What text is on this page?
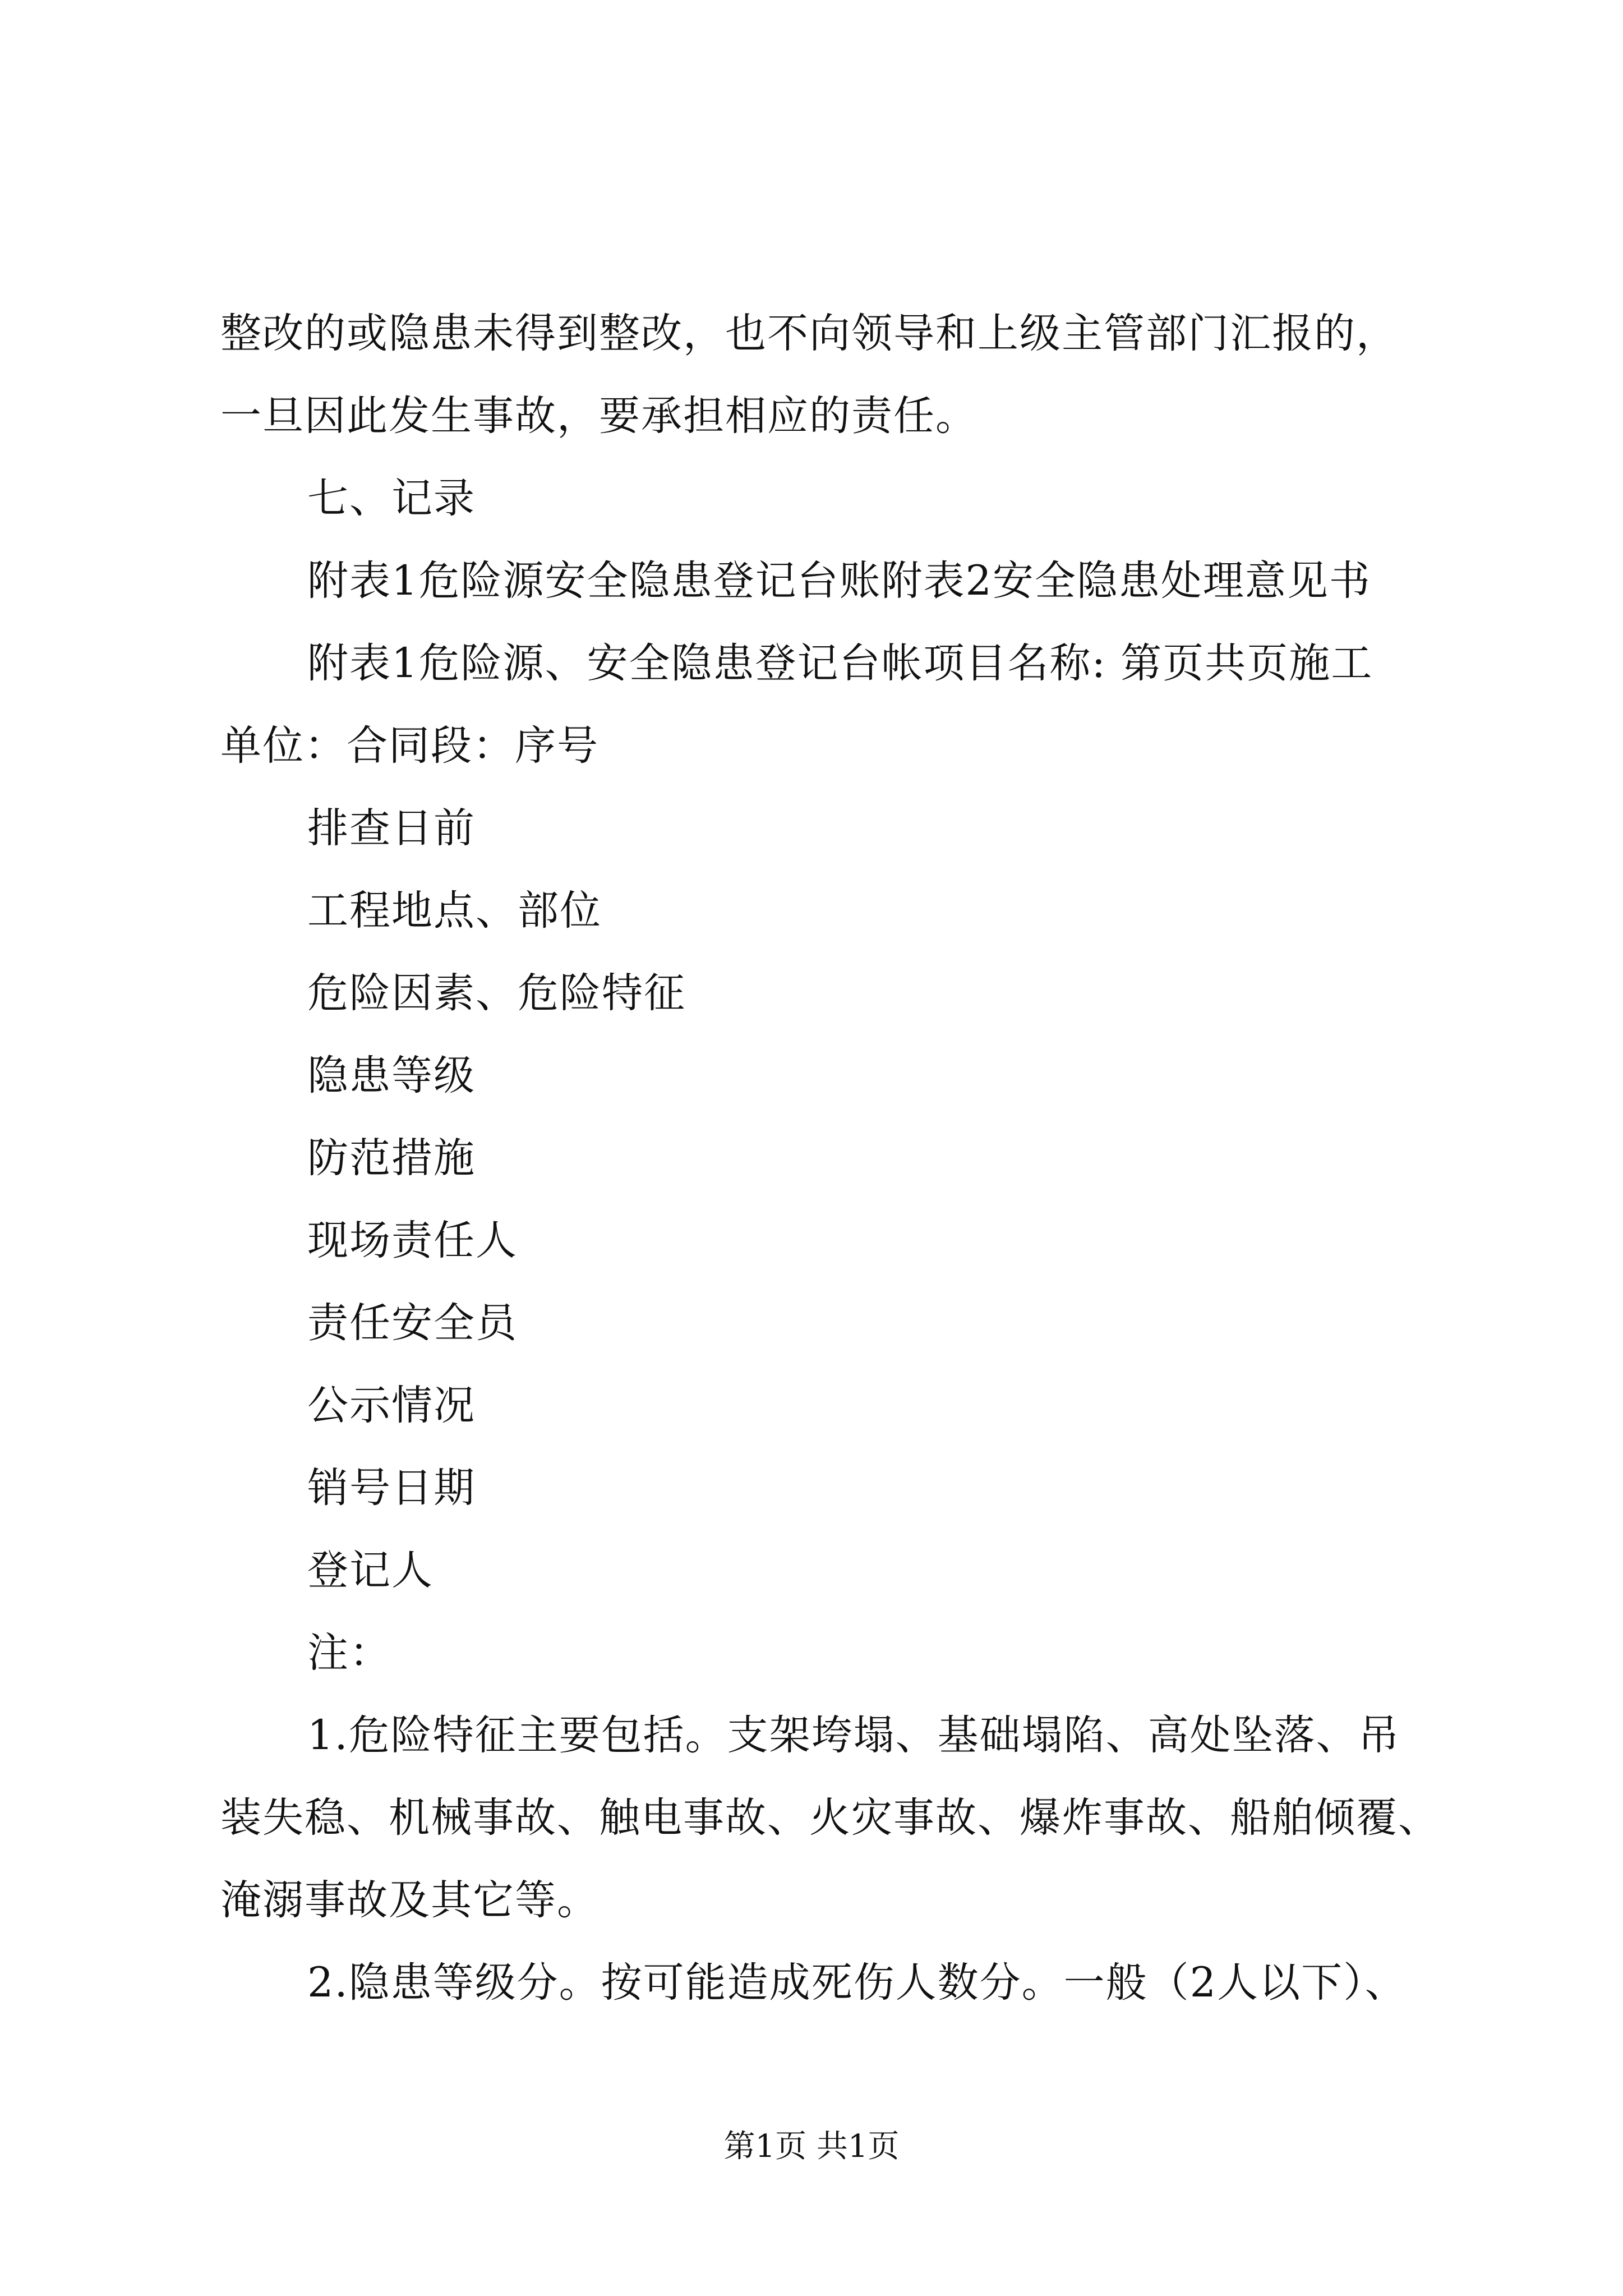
整改的或隐患未得到整改，也不向领导和上级主管部门汇报的，
一旦因此发生事故，要承担相应的责任。
七、记录
附表1危险源安全隐患登记台账附表2安全隐患处理意见书
附表1危险源、安全隐患登记台帐项目名称: 第页共页施工
单位：合同段：序号
排查日前
工程地点、部位
危险因素、危险特征
隐患等级
防范措施
现场责任人
责任安全员
公示情况
销号日期
登记人
注：
1.危险特征主要包括。支架垮塌、基础塌陷、高处坠落、吊
装失稳、机械事故、触电事故、火灾事故、爆炸事故、船舶倾覆、
淹溺事故及其它等。
2.隐患等级分。按可能造成死伤人数分。一般（2人以下）、
第1页 共1页
